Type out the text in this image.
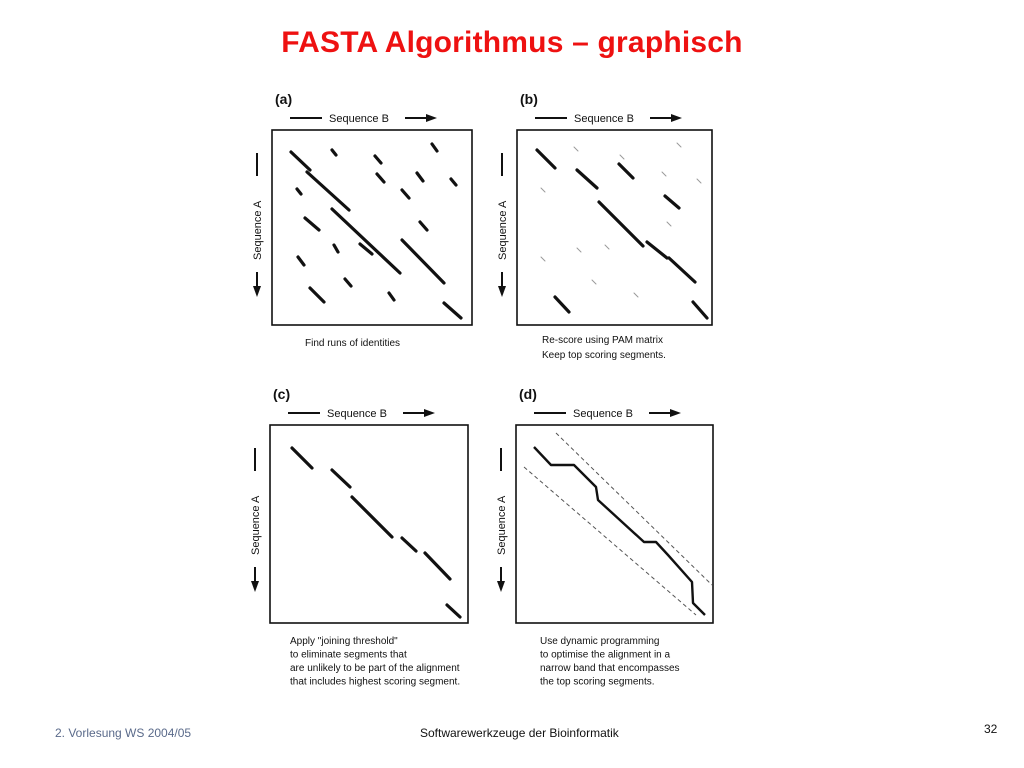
FASTA Algorithmus – graphisch
(a)
Sequence B
Sequence A
Find runs of identities
(b)
Sequence B
Sequence A
Re-score using PAM matrix
Keep top scoring segments.
(c)
Sequence B
Sequence A
Apply "joining threshold"
to eliminate segments that
are unlikely to be part of the alignment
that includes highest scoring segment.
(d)
Sequence B
Sequence A
Use dynamic programming
to optimise the alignment in a
narrow band that encompasses
the top scoring segments.
2. Vorlesung WS 2004/05	Softwarewerkzeuge der Bioinformatik	32
